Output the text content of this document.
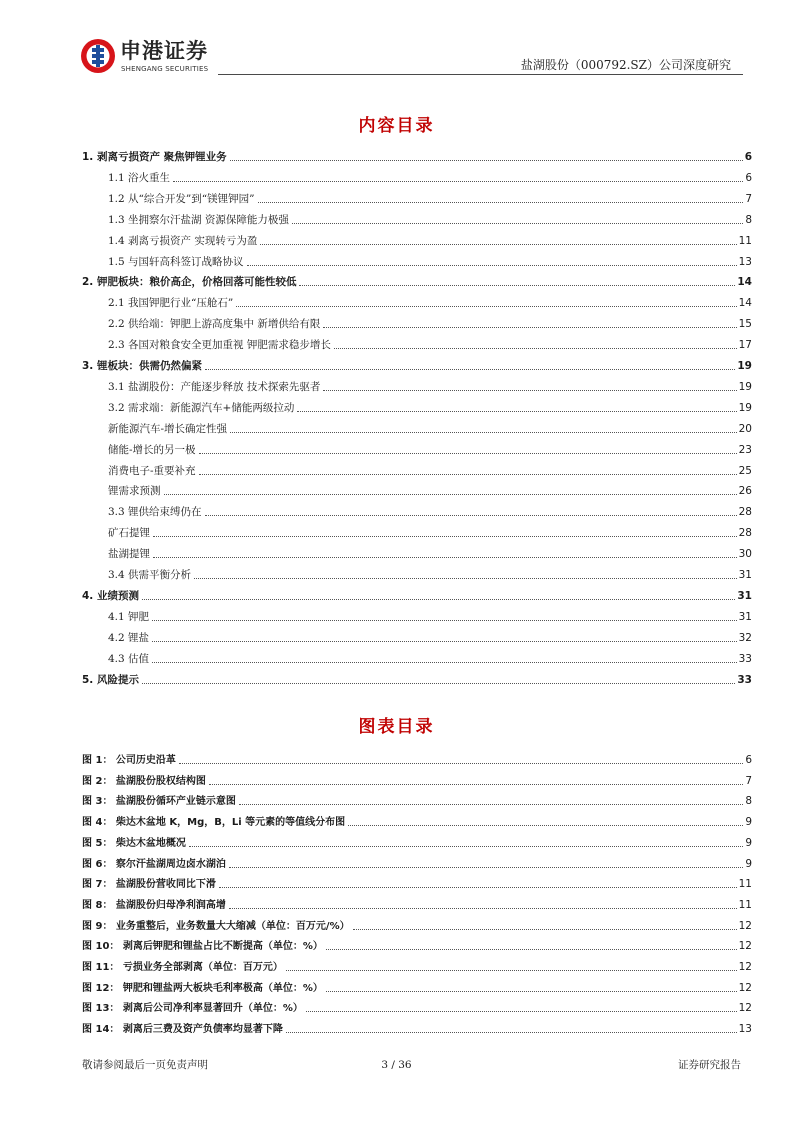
申港证券
SHENGANG SECURITIES	盐湖股份（000792.SZ）公司深度研究
内容目录
1. 剥离亏损资产 聚焦钾锂业务	6
1.1 浴火重生	6
1.2 从“综合开发”到“镁锂钾园”	7
1.3 坐拥察尔汗盐湖 资源保障能力极强	8
1.4 剥离亏损资产 实现转亏为盈	11
1.5 与国轩高科签订战略协议	13
2. 钾肥板块：粮价高企，价格回落可能性较低	14
2.1 我国钾肥行业“压舱石”	14
2.2 供给端：钾肥上游高度集中 新增供给有限	15
2.3 各国对粮食安全更加重视 钾肥需求稳步增长	17
3. 锂板块：供需仍然偏紧	19
3.1 盐湖股份：产能逐步释放 技术探索先驱者	19
3.2 需求端：新能源汽车+储能两级拉动	19
新能源汽车-增长确定性强	20
储能-增长的另一极	23
消费电子-重要补充	25
锂需求预测	26
3.3 锂供给束缚仍在	28
矿石提锂	28
盐湖提锂	30
3.4 供需平衡分析	31
4. 业绩预测	31
4.1 钾肥	31
4.2 锂盐	32
4.3 估值	33
5. 风险提示	33
图表目录
图 1： 公司历史沿革	6
图 2： 盐湖股份股权结构图	7
图 3： 盐湖股份循环产业链示意图	8
图 4： 柴达木盆地 K，Mg，B，Li 等元素的等值线分布图	9
图 5： 柴达木盆地概况	9
图 6： 察尔汗盐湖周边卤水湖泊	9
图 7： 盐湖股份营收同比下滑	11
图 8： 盐湖股份归母净利润高增	11
图 9： 业务重整后，业务数量大大缩减（单位：百万元/%）	12
图 10： 剥离后钾肥和锂盐占比不断提高（单位：%）	12
图 11： 亏损业务全部剥离（单位：百万元）	12
图 12： 钾肥和锂盐两大板块毛利率极高（单位：%）	12
图 13： 剥离后公司净利率显著回升（单位：%）	12
图 14： 剥离后三费及资产负债率均显著下降	13
敬请参阅最后一页免责声明	3 / 36	证券研究报告
